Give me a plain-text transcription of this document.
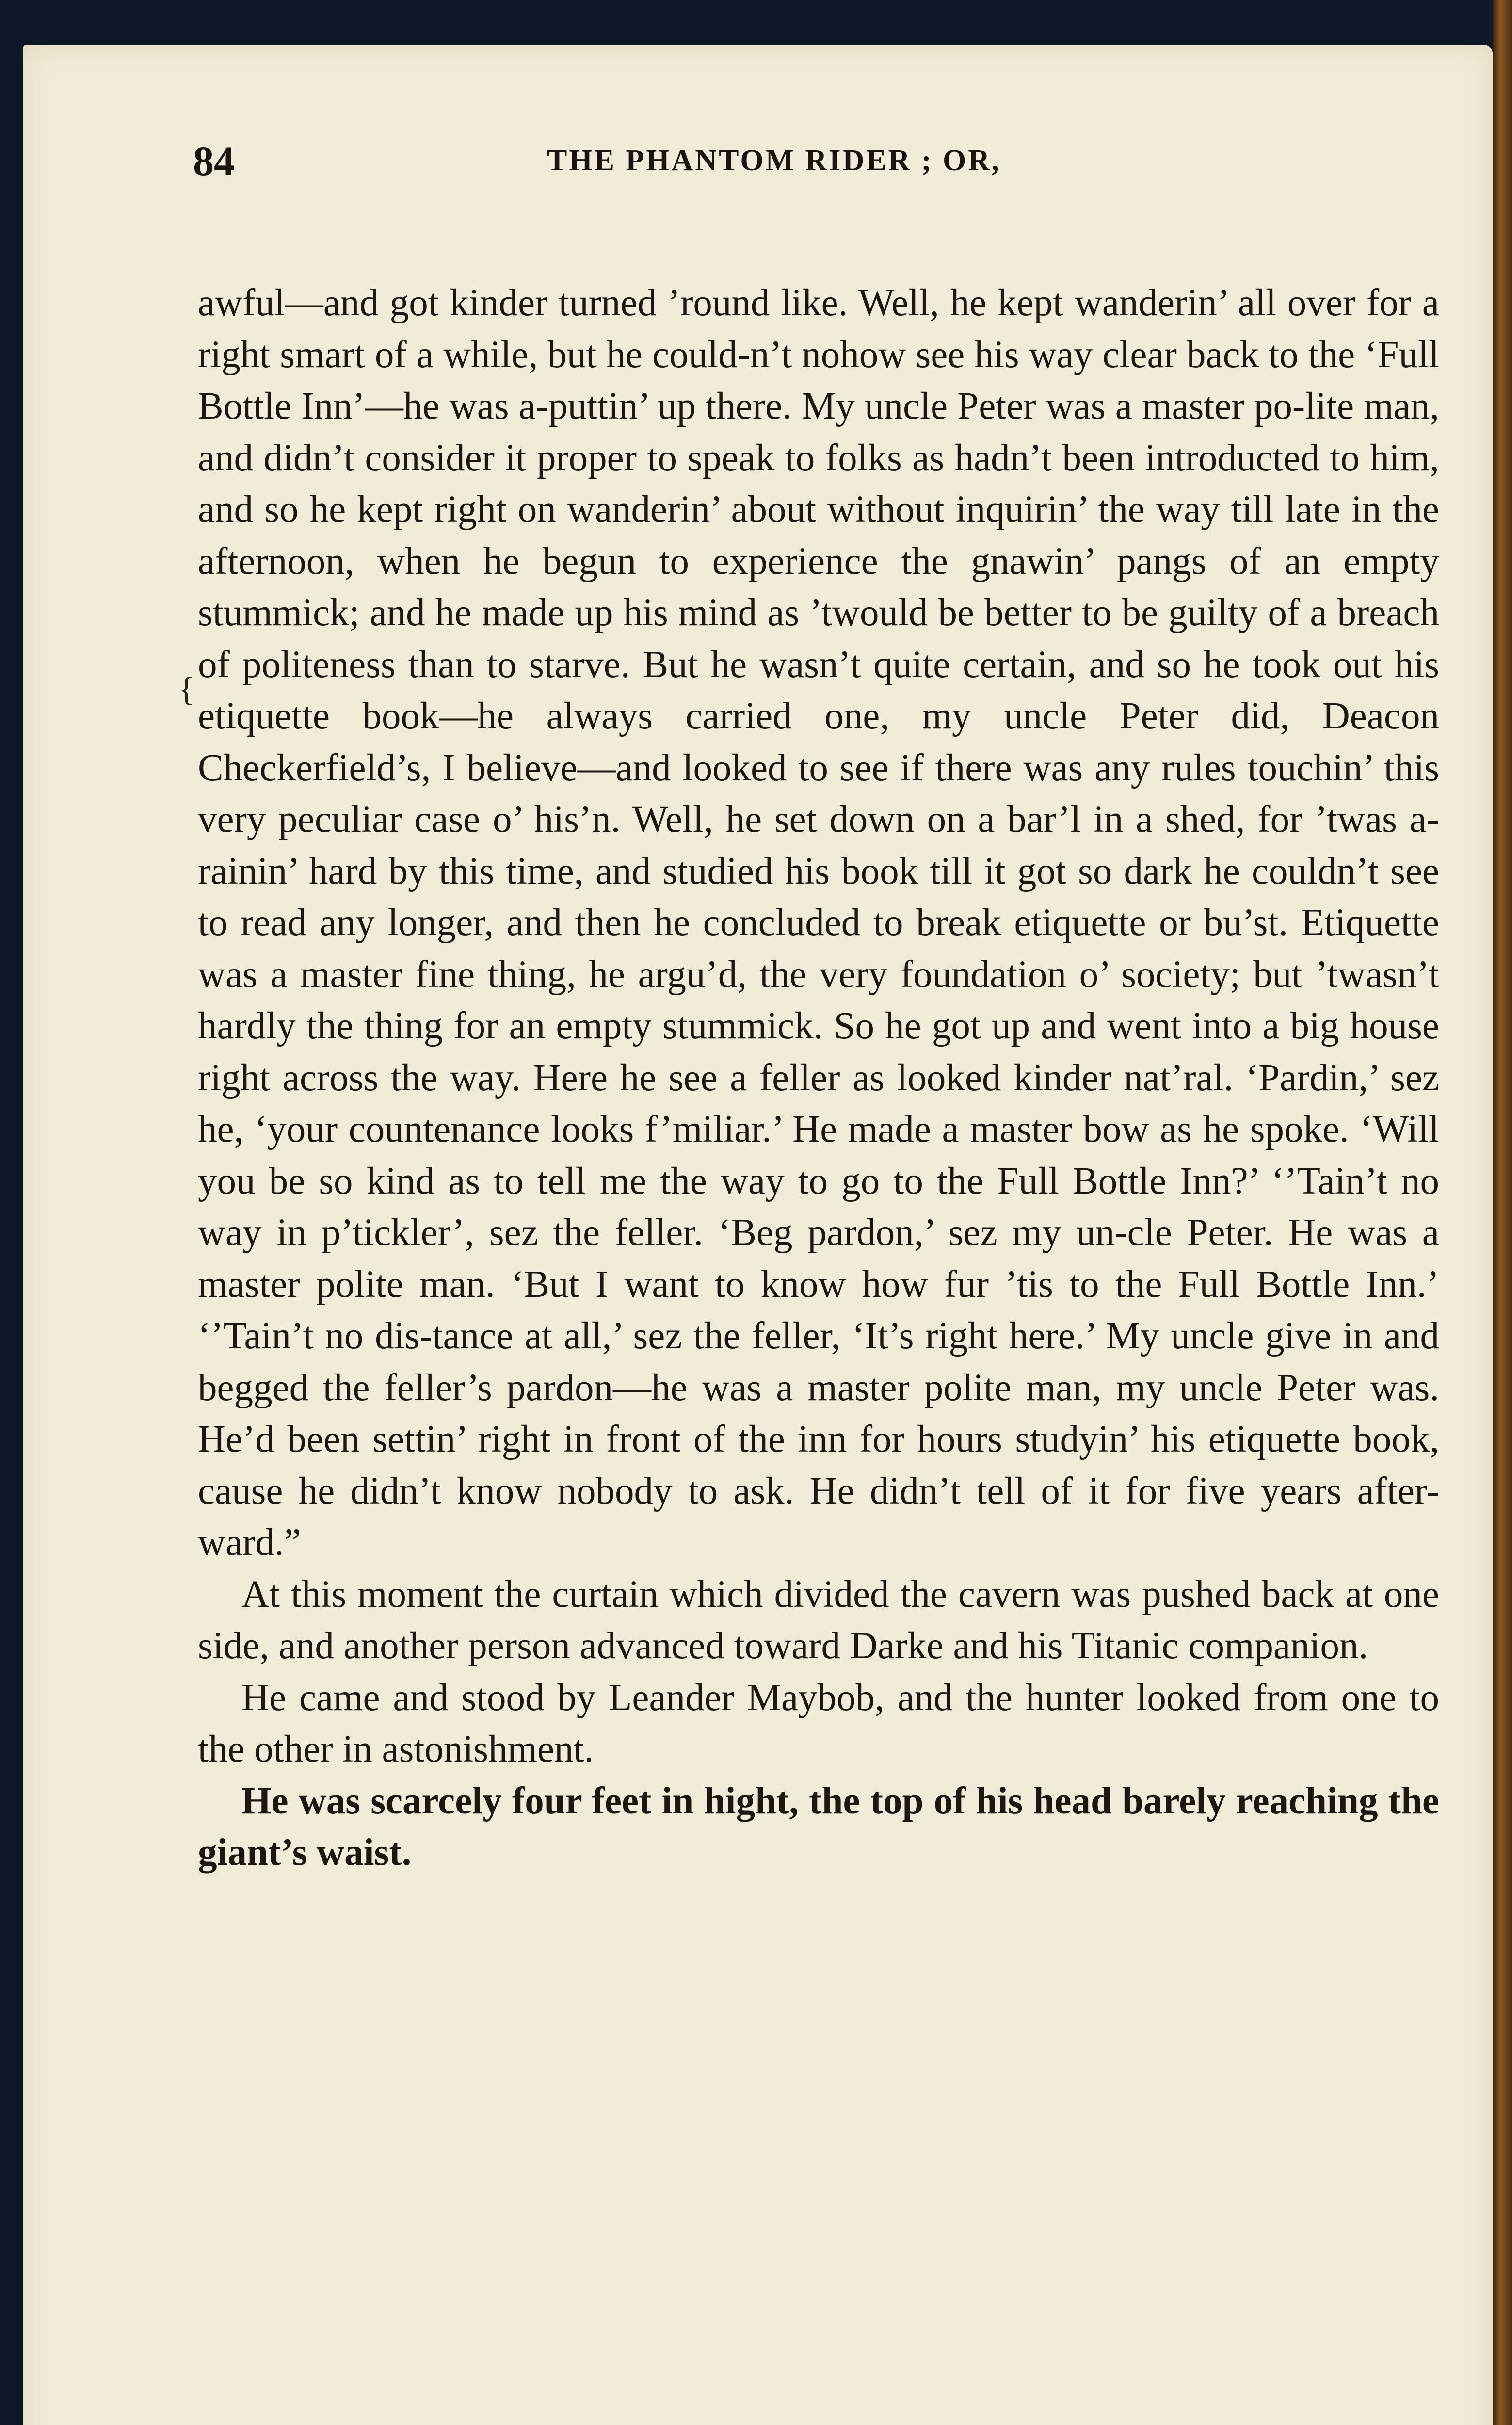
84	THE PHANTOM RIDER ; OR,
{

awful—and got kinder turned ’round like. Well, he kept wanderin’ all over for a right smart of a while, but he could-n’t nohow see his way clear back to the ‘Full Bottle Inn’—he was a-puttin’ up there. My uncle Peter was a master po-lite man, and didn’t consider it proper to speak to folks as hadn’t been introducted to him, and so he kept right on wanderin’ about without inquirin’ the way till late in the afternoon, when he begun to experience the gnawin’ pangs of an empty stummick; and he made up his mind as ’twould be better to be guilty of a breach of politeness than to starve. But he wasn’t quite certain, and so he took out his etiquette book—he always carried one, my uncle Peter did, Deacon Checkerfield’s, I believe—and looked to see if there was any rules touchin’ this very peculiar case o’ his’n. Well, he set down on a bar’l in a shed, for ’twas a-rainin’ hard by this time, and studied his book till it got so dark he couldn’t see to read any longer, and then he concluded to break etiquette or bu’st. Etiquette was a master fine thing, he argu’d, the very foundation o’ society; but ’twasn’t hardly the thing for an empty stummick. So he got up and went into a big house right across the way. Here he see a feller as looked kinder nat’ral. ‘Pardin,’ sez he, ‘your countenance looks f’miliar.’ He made a master bow as he spoke. ‘Will you be so kind as to tell me the way to go to the Full Bottle Inn?’ ‘’Tain’t no way in p’tickler’, sez the feller. ‘Beg pardon,’ sez my un-cle Peter. He was a master polite man. ‘But I want to know how fur ’tis to the Full Bottle Inn.’ ‘’Tain’t no dis-tance at all,’ sez the feller, ‘It’s right here.’ My uncle give in and begged the feller’s pardon—he was a master polite man, my uncle Peter was. He’d been settin’ right in front of the inn for hours studyin’ his etiquette book, cause he didn’t know nobody to ask. He didn’t tell of it for five years after-ward.”

At this moment the curtain which divided the cavern was pushed back at one side, and another person advanced toward Darke and his Titanic companion.

He came and stood by Leander Maybob, and the hunter looked from one to the other in astonishment.

He was scarcely four feet in hight, the top of his head barely reaching the giant’s waist.
